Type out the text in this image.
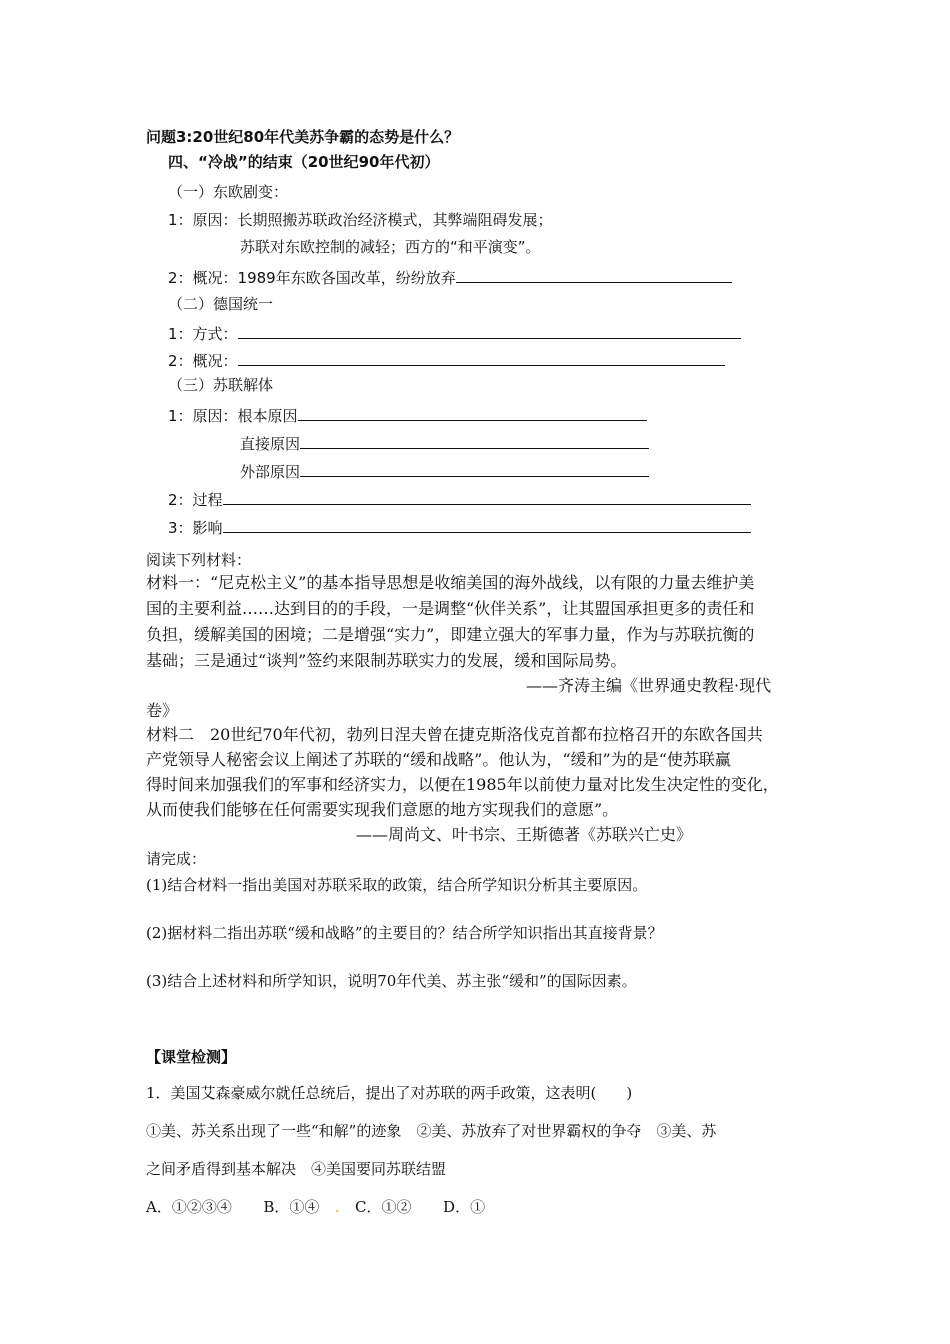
问题3:20世纪80年代美苏争霸的态势是什么？
四、“冷战”的结束（20世纪90年代初）
（一）东欧剧变：
1：原因：长期照搬苏联政治经济模式，其弊端阻碍发展；
苏联对东欧控制的减轻；西方的“和平演变”。
2：概况：1989年东欧各国改革，纷纷放弃
（二）德国统一
1：方式：
2：概况：
（三）苏联解体
1：原因：根本原因
直接原因
外部原因
2：过程
3：影响
阅读下列材料：
材料一：“尼克松主义”的基本指导思想是收缩美国的海外战线，以有限的力量去维护美
国的主要利益……达到目的的手段，一是调整“伙伴关系”，让其盟国承担更多的责任和
负担，缓解美国的困境；二是增强“实力”，即建立强大的军事力量，作为与苏联抗衡的
基础；三是通过“谈判”签约来限制苏联实力的发展，缓和国际局势。
——齐涛主编《世界通史教程·现代
卷》
材料二　20世纪70年代初，勃列日涅夫曾在捷克斯洛伐克首都布拉格召开的东欧各国共
产党领导人秘密会议上阐述了苏联的“缓和战略”。他认为，“缓和”为的是“使苏联赢
得时间来加强我们的军事和经济实力，以便在1985年以前使力量对比发生决定性的变化，
从而使我们能够在任何需要实现我们意愿的地方实现我们的意愿”。
——周尚文、叶书宗、王斯德著《苏联兴亡史》
请完成：
(1)结合材料一指出美国对苏联采取的政策，结合所学知识分析其主要原因。
(2)据材料二指出苏联“缓和战略”的主要目的？结合所学知识指出其直接背景？
(3)结合上述材料和所学知识，说明70年代美、苏主张“缓和”的国际因素。
【课堂检测】
1．美国艾森豪威尔就任总统后，提出了对苏联的两手政策，这表明(　　)
①美、苏关系出现了一些“和解”的迹象　②美、苏放弃了对世界霸权的争夺　③美、苏
之间矛盾得到基本解决　④美国要同苏联结盟
A．①②③④ B．①④ . C．①② D．①
